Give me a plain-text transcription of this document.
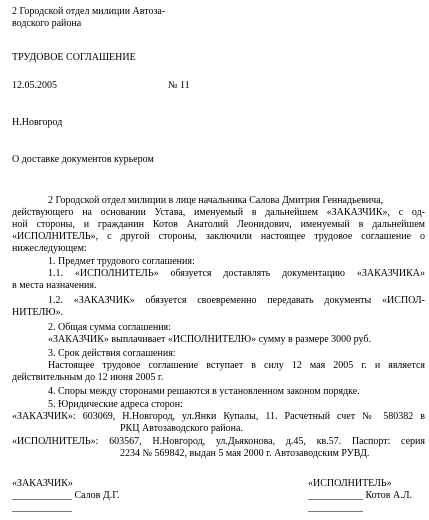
2 Городской отдел милиции Автоза-
водского района
ТРУДОВОЕ СОГЛАШЕНИЕ
12.05.2005	№ 11
Н.Новгород
О доставке документов курьером
2 Городской отдел милиции в лице начальника Салова Дмитрия Геннадьевича,
действующего на основании Устава, именуемый в дальнейшем «ЗАКАЗЧИК», с од-
ной стороны, и гражданин Котов Анатолий Леонидович, именуемый в дальнейшем
«ИСПОЛНИТЕЛЬ», с другой стороны, заключили настоящее трудовое соглашение о
нижеследующем:
1. Предмет трудового соглашения:
1.1. «ИСПОЛНИТЕЛЬ» обязуется доставлять документацию «ЗАКАЗЧИКА»
в места назначения.
1.2. «ЗАКАЗЧИК» обязуется своевременно передавать документы «ИСПОЛ-
НИТЕЛЮ».
2. Общая сумма соглашения:
«ЗАКАЗЧИК» выплачивает «ИСПОЛНИТЕЛЮ» сумму в размере 3000 руб.
3. Срок действия соглашения:
Настоящее трудовое соглашение вступает в силу 12 мая 2005 г. и является
действительным до 12 июня 2005 г.
4. Споры между сторонами решаются в установленном законом порядке.
5. Юридические адреса сторон:
«ЗАКАЗЧИК»: 603069, Н.Новгород, ул.Янки Купалы, 11. Расчетный счет № 580382 в
РКЦ Автозаводского района.
«ИСПОЛНИТЕЛЬ»: 603567, Н.Новгород, ул.Дьяконова, д.45, кв.57. Паспорт: серия
2234 № 569842, выдан 5 мая 2000 г. Автозаводским РУВД.
«ЗАКАЗЧИК»
____________ Салов Д.Г.
____________
«ИСПОЛНИТЕЛЬ»
___________ Котов А.Л.
___________
